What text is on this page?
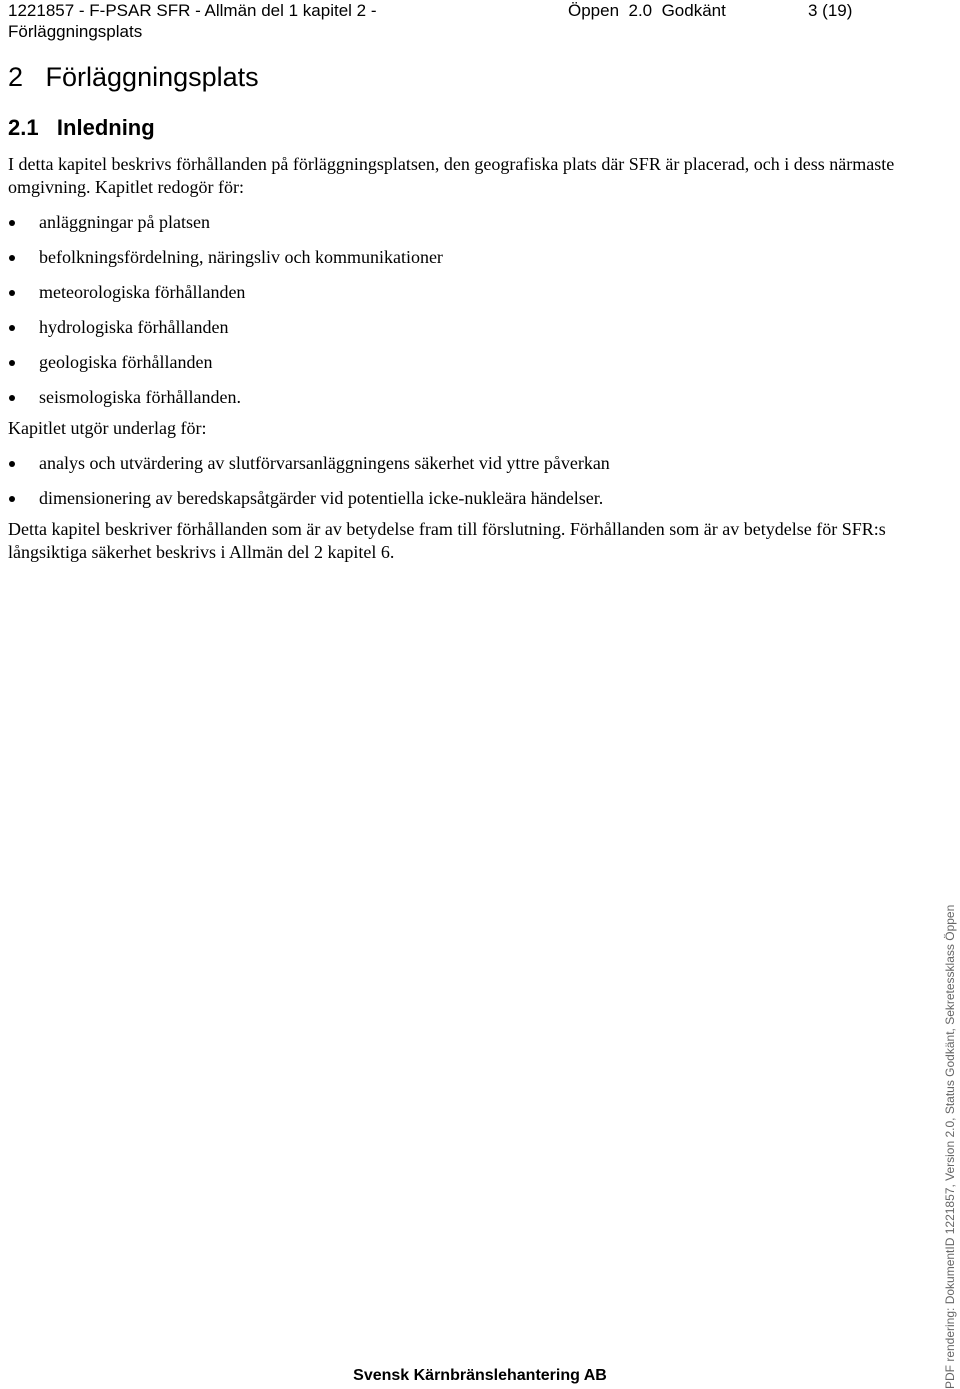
1221857 - F-PSAR SFR - Allmän del 1 kapitel 2 - Förläggningsplats
Öppen  2.0  Godkänt	3 (19)
2   Förläggningsplats
2.1   Inledning

I detta kapitel beskrivs förhållanden på förläggningsplatsen, den geografiska plats där SFR är placerad, och i dess närmaste omgivning. Kapitlet redogör för:

anläggningar på platsen
befolkningsfördelning, näringsliv och kommunikationer
meteorologiska förhållanden
hydrologiska förhållanden
geologiska förhållanden
seismologiska förhållanden.

Kapitlet utgör underlag för:

analys och utvärdering av slutförvarsanläggningens säkerhet vid yttre påverkan
dimensionering av beredskapsåtgärder vid potentiella icke-nukleära händelser.

Detta kapitel beskriver förhållanden som är av betydelse fram till förslutning. Förhållanden som är av betydelse för SFR:s långsiktiga säkerhet beskrivs i Allmän del 2 kapitel 6.

Svensk Kärnbränslehantering AB	PDF rendering: DokumentID 1221857, Version 2.0, Status Godkänt, Sekretessklass Öppen
